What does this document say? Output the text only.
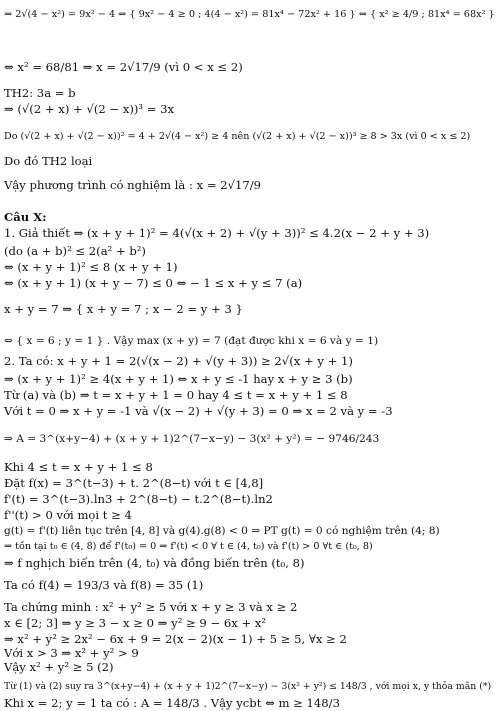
⇔ 2√(4 − x²) = 9x² − 4 ⇔ { 9x² − 4 ≥ 0 ; 4(4 − x²) = 81x⁴ − 72x² + 16 } ⇔ { x² ≥ 4/9 ; 81x⁴ = 68x² }
⇔ x² = 68/81 ⇒ x = 2√17/9 (vì 0 < x ≤ 2)
TH2: 3a = b
⇒ (√(2 + x) + √(2 − x))³ = 3x
Do (√(2 + x) + √(2 − x))² = 4 + 2√(4 − x²) ≥ 4 nên (√(2 + x) + √(2 − x))³ ≥ 8 > 3x (vì 0 < x ≤ 2)
Do đó TH2 loại
Vậy phương trình có nghiệm là : x = 2√17/9
Câu X:
1. Giả thiết ⇒ (x + y + 1)² = 4(√(x + 2) + √(y + 3))² ≤ 4.2(x − 2 + y + 3)
(do (a + b)² ≤ 2(a² + b²)
⇔ (x + y + 1)² ≤ 8 (x + y + 1)
⇔ (x + y + 1) (x + y − 7) ≤ 0 ⇔ − 1 ≤ x + y ≤ 7 (a)
x + y = 7 ⇒ { x + y = 7 ; x − 2 = y + 3 }
⇔ { x = 6 ; y = 1 } . Vậy max (x + y) = 7 (đạt được khi x = 6 và y = 1)
2. Ta có: x + y + 1 = 2(√(x − 2) + √(y + 3)) ≥ 2√(x + y + 1)
⇒ (x + y + 1)² ≥ 4(x + y + 1) ⇔ x + y ≤ -1 hay x + y ≥ 3 (b)
Từ (a) và (b) ⇒ t = x + y + 1 = 0 hay 4 ≤ t = x + y + 1 ≤ 8
Với t = 0 ⇒ x + y = -1 và √(x − 2) + √(y + 3) = 0 ⇒ x = 2 và y = -3
⇒ A = 3^(x+y−4) + (x + y + 1)2^(7−x−y) − 3(x² + y²) = − 9746/243
Khi 4 ≤ t = x + y + 1 ≤ 8
Đặt f(x) = 3^(t−3) + t. 2^(8−t) với t ∈ [4,8]
f'(t) = 3^(t−3).ln3 + 2^(8−t) − t.2^(8−t).ln2
f''(t) > 0 với mọi t ≥ 4
g(t) = f'(t) liên tục trên [4, 8] và g(4).g(8) < 0 ⇒ PT g(t) = 0 có nghiệm trên (4; 8)
⇒ tồn tại t₀ ∈ (4, 8) để f'(t₀) = 0 ⇒ f'(t) < 0 ∀ t ∈ (4, t₀) và f'(t) > 0 ∀t ∈ (t₀, 8)
⇒ f nghịch biến trên (4, t₀) và đồng biến trên (t₀, 8)
Ta có f(4) = 193/3 và f(8) = 35 (1)
Ta chứng minh : x² + y² ≥ 5 với x + y ≥ 3 và x ≥ 2
x ∈ [2; 3] ⇒ y ≥ 3 − x ≥ 0 ⇒ y² ≥ 9 − 6x + x²
⇒ x² + y² ≥ 2x² − 6x + 9 = 2(x − 2)(x − 1) + 5 ≥ 5, ∀x ≥ 2
Với x > 3 ⇒ x² + y² > 9
Vậy x² + y² ≥ 5 (2)
Từ (1) và (2) suy ra 3^(x+y−4) + (x + y + 1)2^(7−x−y) − 3(x² + y²) ≤ 148/3 , với mọi x, y thỏa mãn (*)
Khi x = 2; y = 1 ta có : A = 148/3 . Vậy ycbt ⇔ m ≥ 148/3
